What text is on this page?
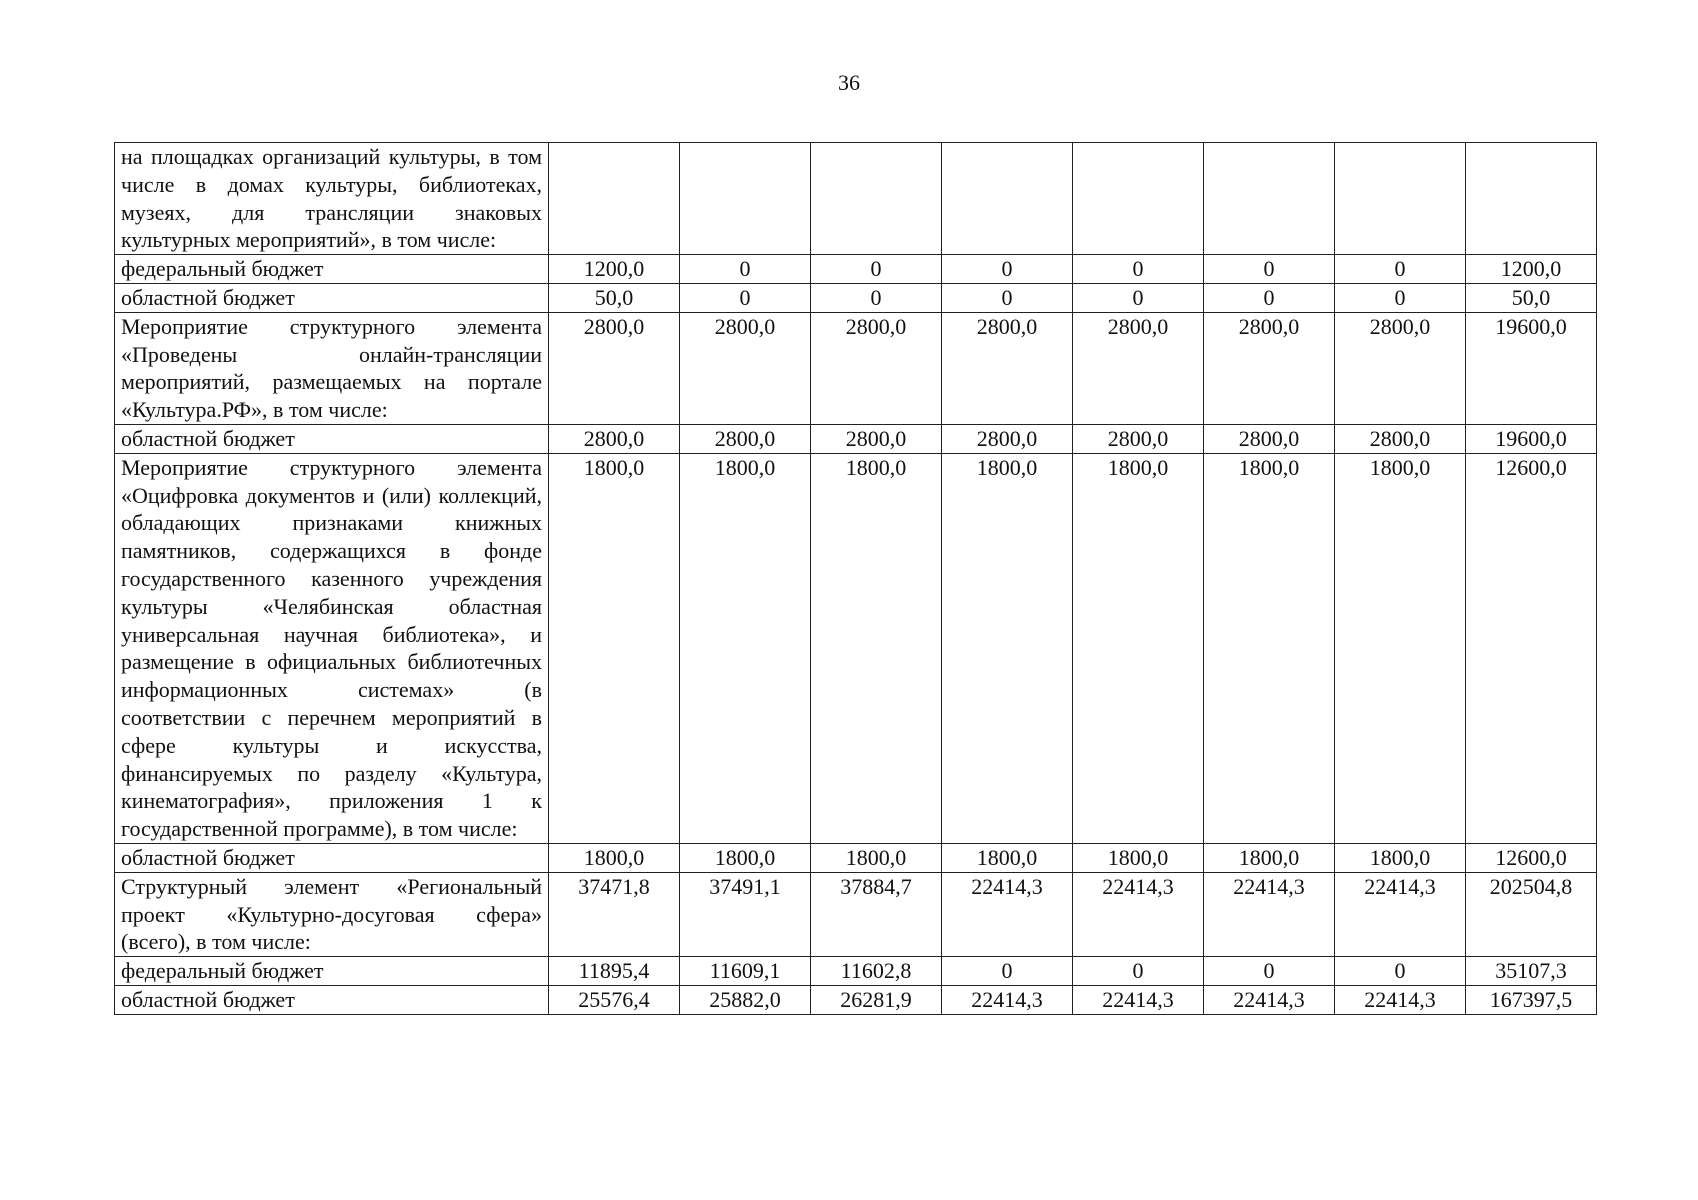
36
на площадках организаций культуры, в том числе в домах культуры, библиотеках, музеях, для трансляции знаковых культурных мероприятий», в том числе:								
федеральный бюджет	1200,0	0	0	0	0	0	0	1200,0
областной бюджет	50,0	0	0	0	0	0	0	50,0
Мероприятие структурного элемента «Проведены онлайн-трансляции мероприятий, размещаемых на портале «Культура.РФ», в том числе:	2800,0	2800,0	2800,0	2800,0	2800,0	2800,0	2800,0	19600,0
областной бюджет	2800,0	2800,0	2800,0	2800,0	2800,0	2800,0	2800,0	19600,0
Мероприятие структурного элемента «Оцифровка документов и (или) коллекций, обладающих признаками книжных памятников, содержащихся в фонде государственного казенного учреждения культуры «Челябинская областная универсальная научная библиотека», и размещение в официальных библиотечных информационных системах» (в соответствии с перечнем мероприятий в сфере культуры и искусства, финансируемых по разделу «Культура, кинематография», приложения 1 к государственной программе), в том числе:	1800,0	1800,0	1800,0	1800,0	1800,0	1800,0	1800,0	12600,0
областной бюджет	1800,0	1800,0	1800,0	1800,0	1800,0	1800,0	1800,0	12600,0
Структурный элемент «Региональный проект «Культурно-досуговая сфера» (всего), в том числе:	37471,8	37491,1	37884,7	22414,3	22414,3	22414,3	22414,3	202504,8
федеральный бюджет	11895,4	11609,1	11602,8	0	0	0	0	35107,3
областной бюджет	25576,4	25882,0	26281,9	22414,3	22414,3	22414,3	22414,3	167397,5
